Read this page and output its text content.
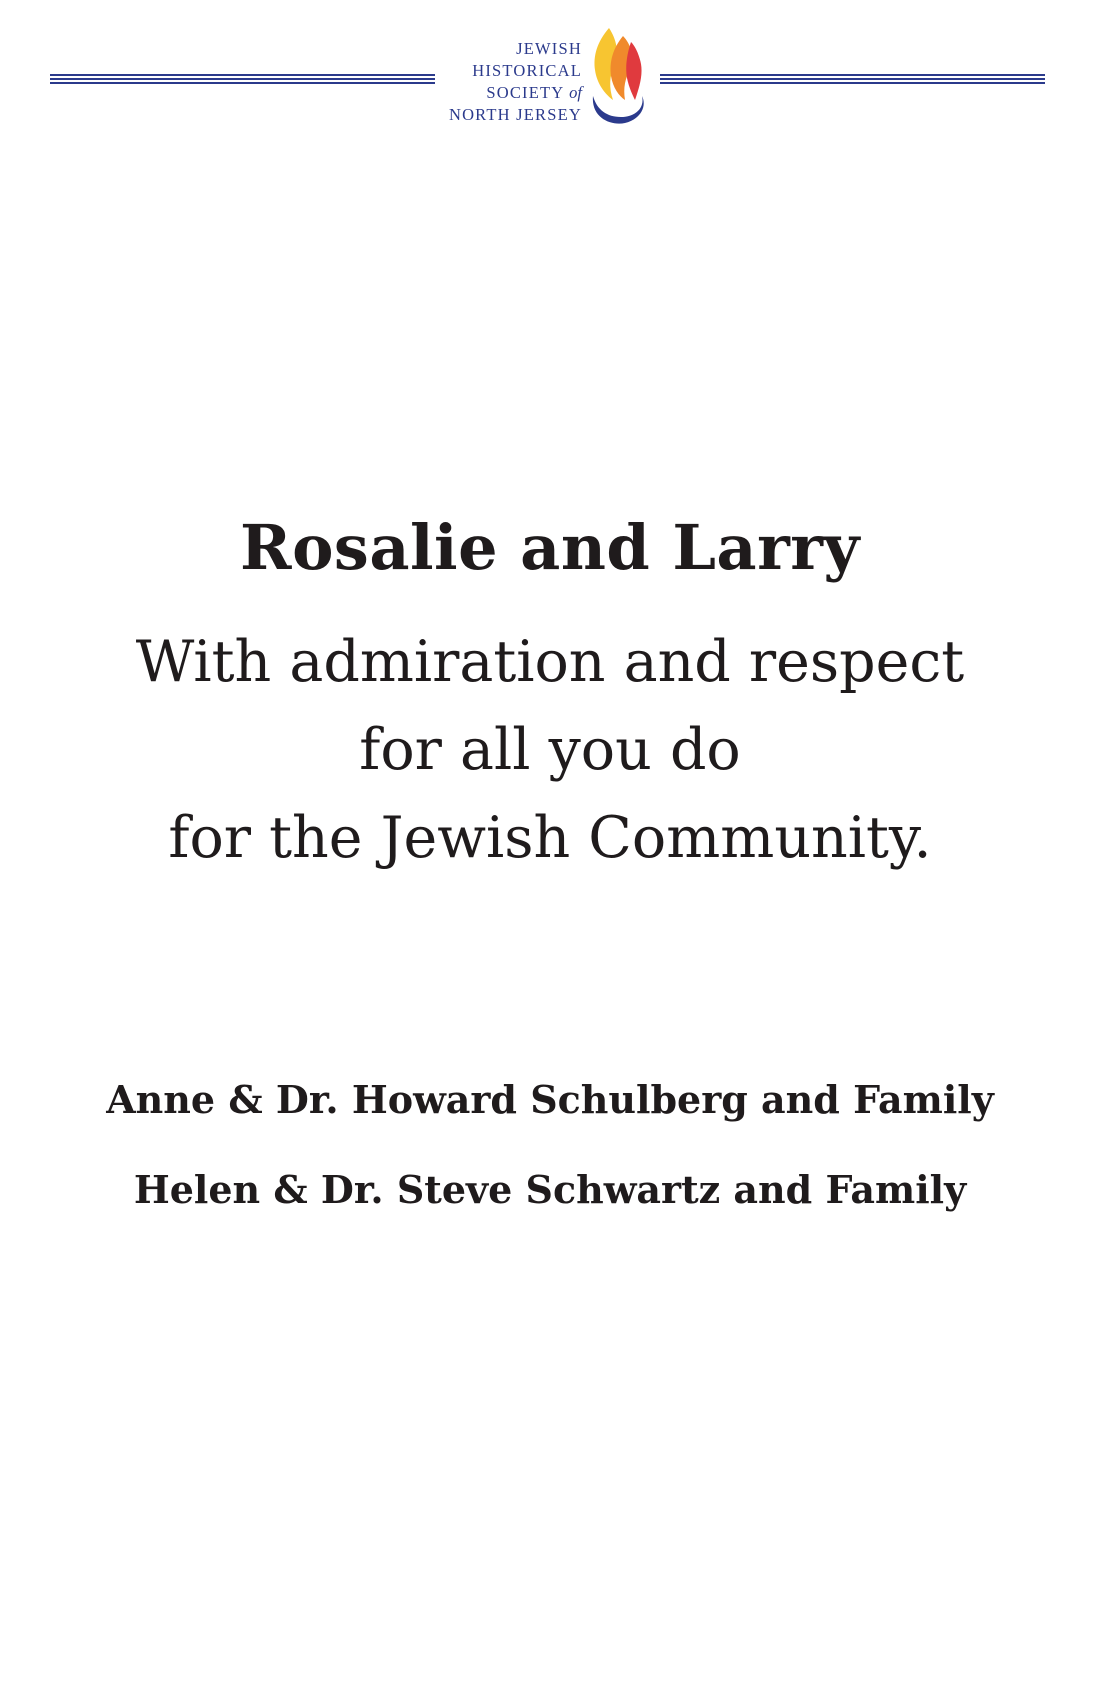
JEWISH
HISTORICAL
SOCIETY of
NORTH JERSEY
Rosalie and Larry
With admiration and respect
for all you do
for the Jewish Community.
Anne & Dr. Howard Schulberg and Family
Helen & Dr. Steve Schwartz and Family
